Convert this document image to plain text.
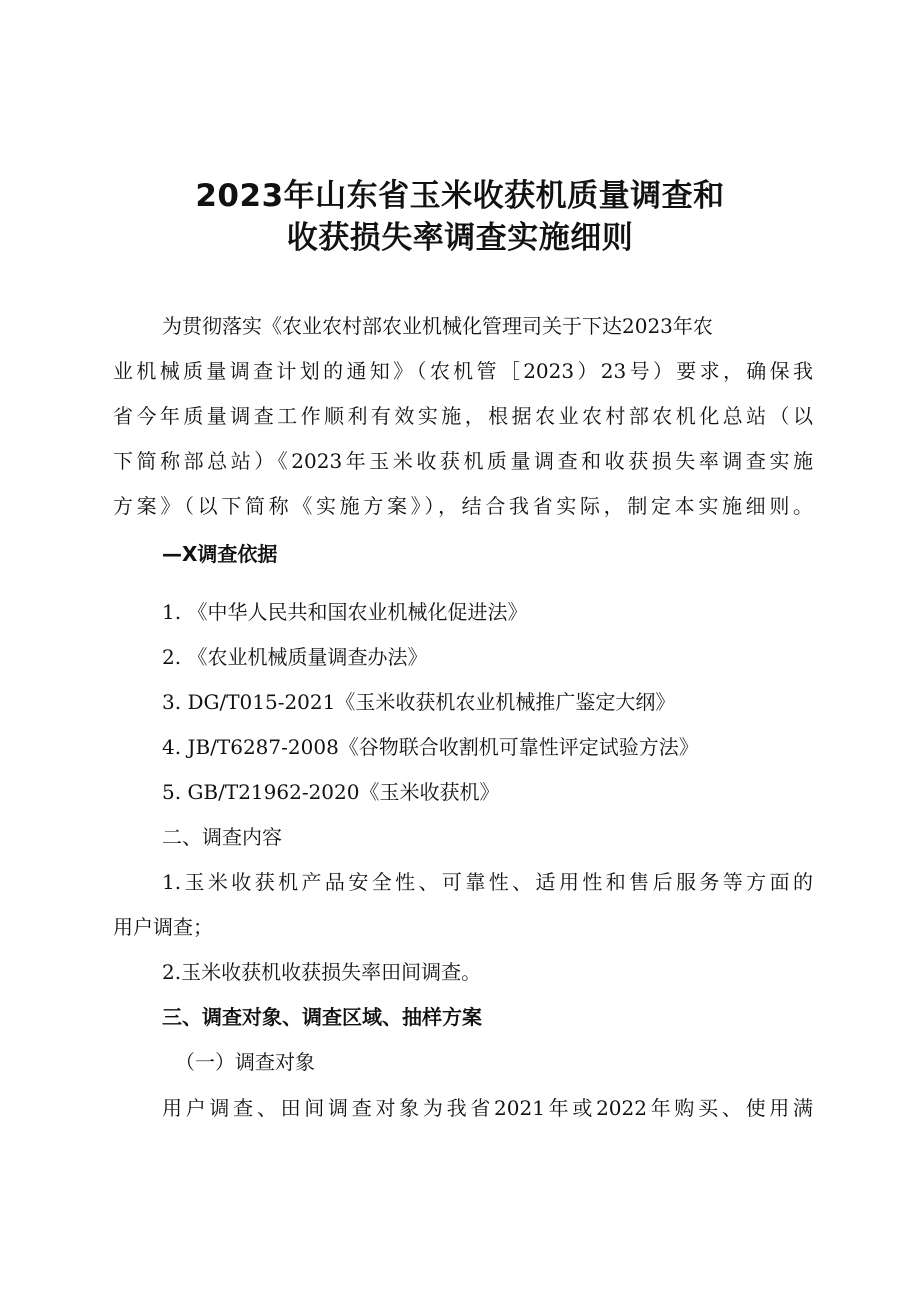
2023年山东省玉米收获机质量调查和
收获损失率调查实施细则
为贯彻落实《农业农村部农业机械化管理司关于下达2023年农
业机械质量调查计划的通知》（农机管［2023）23号）要求，确保我
省今年质量调查工作顺利有效实施，根据农业农村部农机化总站（以
下简称部总站）《2023年玉米收获机质量调查和收获损失率调查实施
方案》（以下简称《实施方案》），结合我省实际，制定本实施细则。
—X调查依据
1. 《中华人民共和国农业机械化促进法》
2. 《农业机械质量调查办法》
3. DG/T015-2021《玉米收获机农业机械推广鉴定大纲》
4. JB/T6287-2008《谷物联合收割机可靠性评定试验方法》
5. GB/T21962-2020《玉米收获机》
二、调查内容
1.玉米收获机产品安全性、可靠性、适用性和售后服务等方面的
用户调查；
2.玉米收获机收获损失率田间调查。
三、调查对象、调查区域、抽样方案
（一）调查对象
用户调查、田间调查对象为我省2021年或2022年购买、使用满
